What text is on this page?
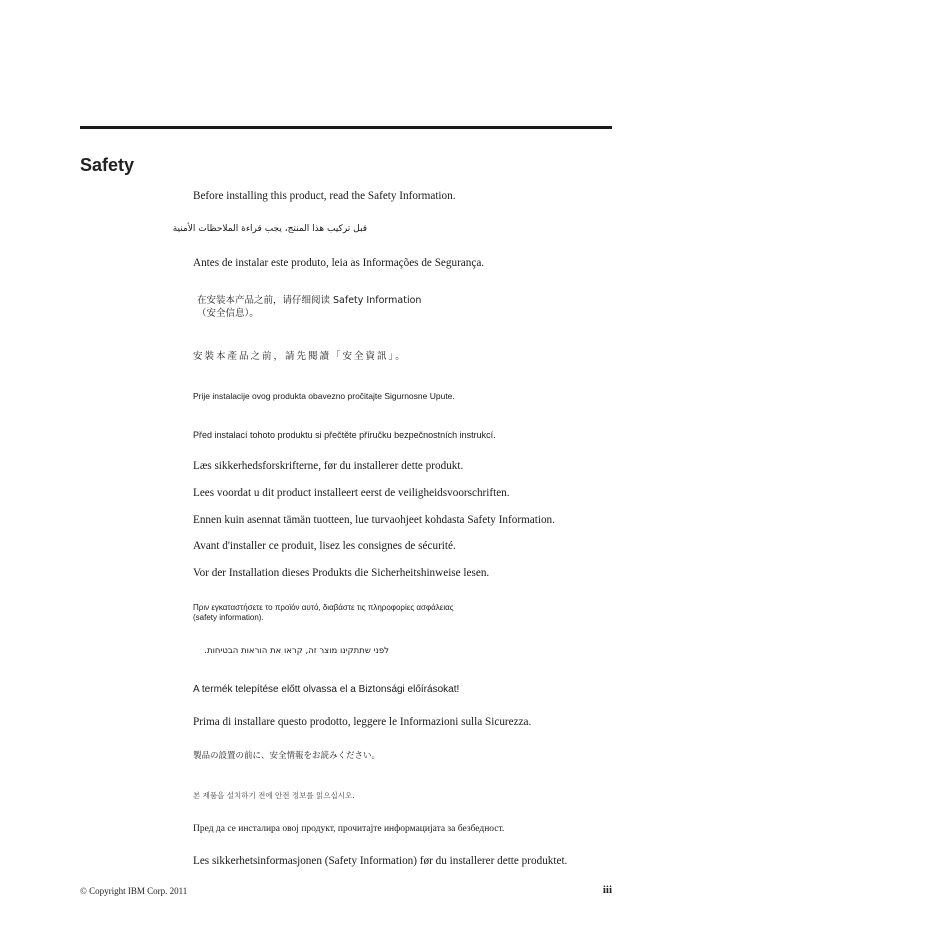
Safety
Before installing this product, read the Safety Information.
قبل تركيب هذا المنتج، يجب قراءة الملاحظات الأمنية
Antes de instalar este produto, leia as Informações de Segurança.
在安装本产品之前，请仔细阅读 Safety Information
（安全信息）。
安裝本產品之前，請先閱讀「安全資訊」。
Prije instalacije ovog produkta obavezno pročitajte Sigurnosne Upute.
Před instalací tohoto produktu si přečtěte příručku bezpečnostních instrukcí.
Læs sikkerhedsforskrifterne, før du installerer dette produkt.
Lees voordat u dit product installeert eerst de veiligheidsvoorschriften.
Ennen kuin asennat tämän tuotteen, lue turvaohjeet kohdasta Safety Information.
Avant d'installer ce produit, lisez les consignes de sécurité.
Vor der Installation dieses Produkts die Sicherheitshinweise lesen.
Πριν εγκαταστήσετε το προϊόν αυτό, διαβάστε τις πληροφορίες ασφάλειας (safety information).
לפני שתתקינו מוצר זה, קראו את הוראות הבטיחות.
A termék telepítése előtt olvassa el a Biztonsági előírásokat!
Prima di installare questo prodotto, leggere le Informazioni sulla Sicurezza.
製品の設置の前に、安全情報をお読みください。
본 제품을 설치하기 전에 안전 정보를 읽으십시오.
Пред да се инсталира овој продукт, прочитајте информацијата за безбедност.
Les sikkerhetsinformasjonen (Safety Information) før du installerer dette produktet.
© Copyright IBM Corp. 2011	iii
